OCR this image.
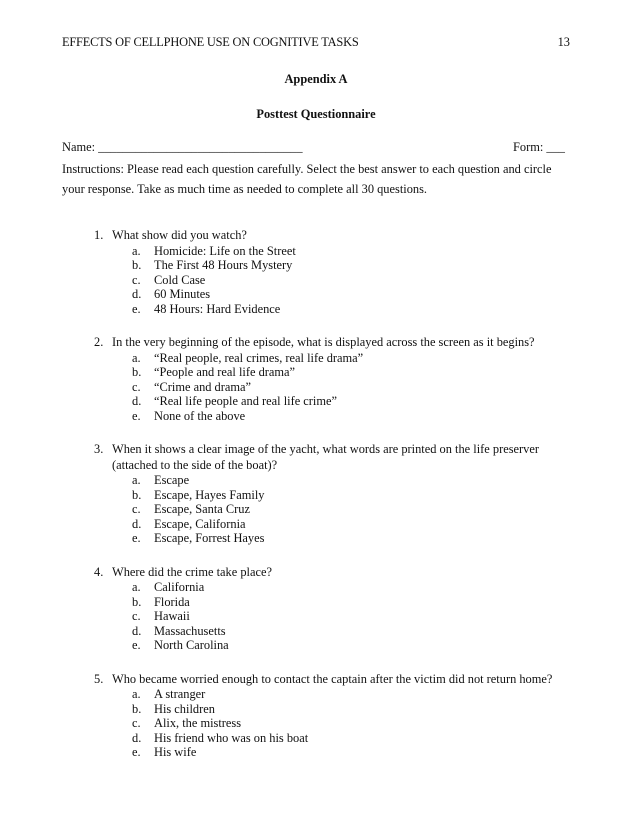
EFFECTS OF CELLPHONE USE ON COGNITIVE TASKS	13
Appendix A
Posttest Questionnaire
Name: _________________________________	Form: ___
Instructions: Please read each question carefully. Select the best answer to each question and circle your response. Take as much time as needed to complete all 30 questions.
1. What show did you watch?
a.	Homicide: Life on the Street
b.	The First 48 Hours Mystery
c.	Cold Case
d.	60 Minutes
e.	48 Hours: Hard Evidence
2. In the very beginning of the episode, what is displayed across the screen as it begins?
a.	“Real people, real crimes, real life drama”
b.	“People and real life drama”
c.	“Crime and drama”
d.	“Real life people and real life crime”
e.	None of the above
3. When it shows a clear image of the yacht, what words are printed on the life preserver (attached to the side of the boat)?
a.	Escape
b.	Escape, Hayes Family
c.	Escape, Santa Cruz
d.	Escape, California
e.	Escape, Forrest Hayes
4. Where did the crime take place?
a.	California
b.	Florida
c.	Hawaii
d.	Massachusetts
e.	North Carolina
5. Who became worried enough to contact the captain after the victim did not return home?
a.	A stranger
b.	His children
c.	Alix, the mistress
d.	His friend who was on his boat
e.	His wife
